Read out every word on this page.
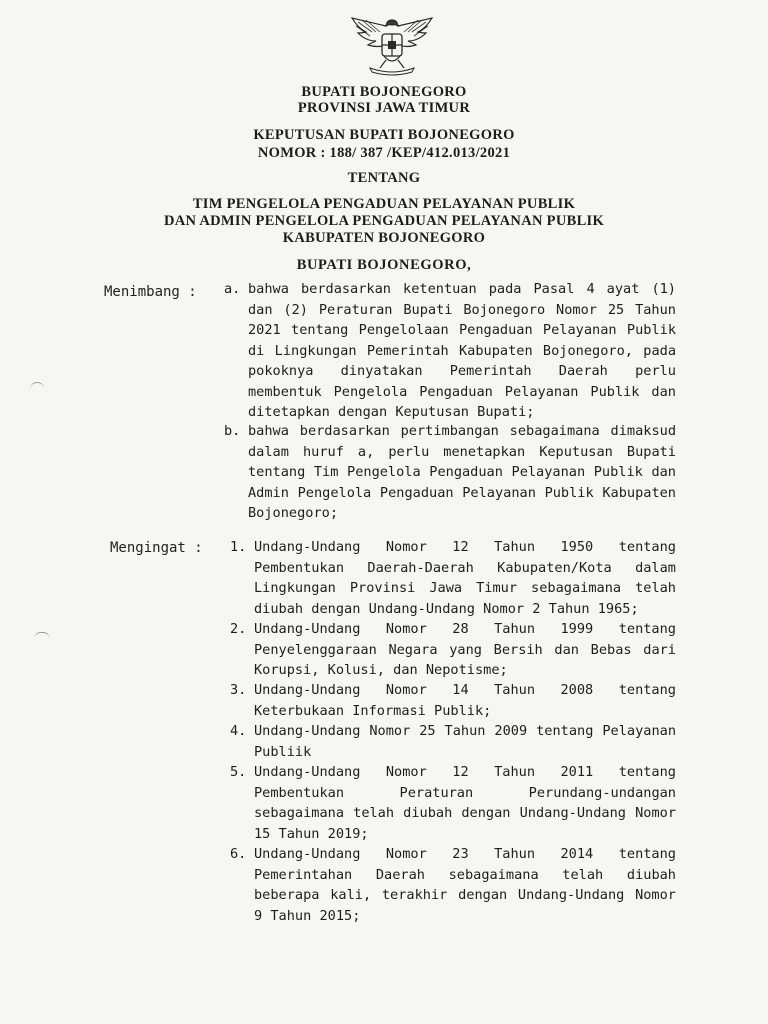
BUPATI BOJONEGORO
PROVINSI JAWA TIMUR
KEPUTUSAN BUPATI BOJONEGORO
NOMOR : 188/ 387 /KEP/412.013/2021
TENTANG
TIM PENGELOLA PENGADUAN PELAYANAN PUBLIK
DAN ADMIN PENGELOLA PENGADUAN PELAYANAN PUBLIK
KABUPATEN BOJONEGORO
BUPATI BOJONEGORO,
Menimbang : a. bahwa berdasarkan ketentuan pada Pasal 4 ayat (1) dan (2) Peraturan Bupati Bojonegoro Nomor 25 Tahun 2021 tentang Pengelolaan Pengaduan Pelayanan Publik di Lingkungan Pemerintah Kabupaten Bojonegoro, pada pokoknya dinyatakan Pemerintah Daerah perlu membentuk Pengelola Pengaduan Pelayanan Publik dan ditetapkan dengan Keputusan Bupati;
b. bahwa berdasarkan pertimbangan sebagaimana dimaksud dalam huruf a, perlu menetapkan Keputusan Bupati tentang Tim Pengelola Pengaduan Pelayanan Publik dan Admin Pengelola Pengaduan Pelayanan Publik Kabupaten Bojonegoro;
Mengingat : 1. Undang-Undang Nomor 12 Tahun 1950 tentang Pembentukan Daerah-Daerah Kabupaten/Kota dalam Lingkungan Provinsi Jawa Timur sebagaimana telah diubah dengan Undang-Undang Nomor 2 Tahun 1965;
2. Undang-Undang Nomor 28 Tahun 1999 tentang Penyelenggaraan Negara yang Bersih dan Bebas dari Korupsi, Kolusi, dan Nepotisme;
3. Undang-Undang Nomor 14 Tahun 2008 tentang Keterbukaan Informasi Publik;
4. Undang-Undang Nomor 25 Tahun 2009 tentang Pelayanan Publiik
5. Undang-Undang Nomor 12 Tahun 2011 tentang Pembentukan Peraturan Perundang-undangan sebagaimana telah diubah dengan Undang-Undang Nomor 15 Tahun 2019;
6. Undang-Undang Nomor 23 Tahun 2014 tentang Pemerintahan Daerah sebagaimana telah diubah beberapa kali, terakhir dengan Undang-Undang Nomor 9 Tahun 2015;
